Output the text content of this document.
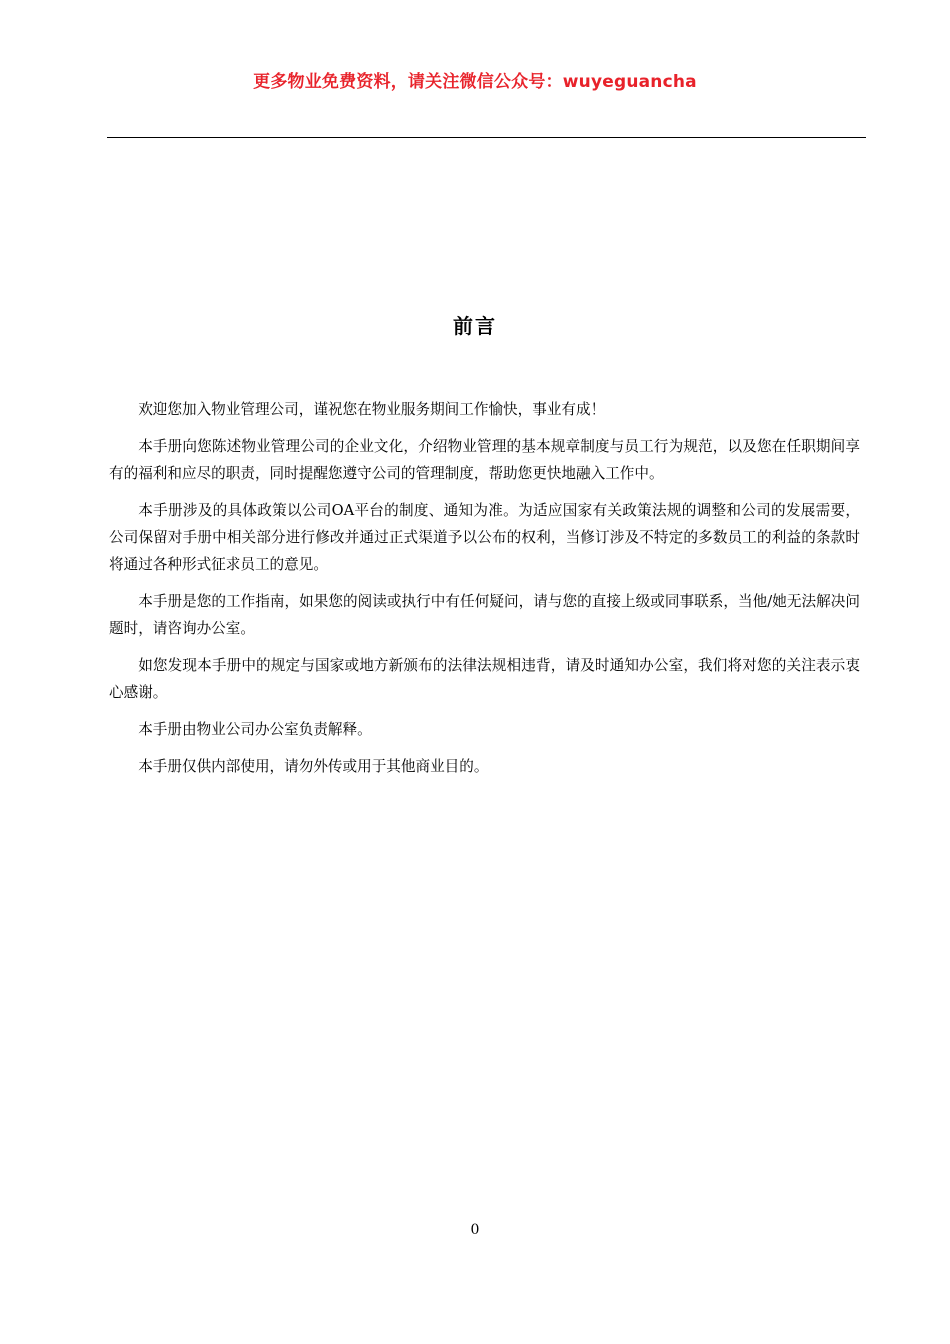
更多物业免费资料，请关注微信公众号：wuyeguancha
前言

欢迎您加入物业管理公司，谨祝您在物业服务期间工作愉快，事业有成！

本手册向您陈述物业管理公司的企业文化，介绍物业管理的基本规章制度与员工行为规范，以及您在任职期间享有的福利和应尽的职责，同时提醒您遵守公司的管理制度，帮助您更快地融入工作中。

本手册涉及的具体政策以公司OA平台的制度、通知为准。为适应国家有关政策法规的调整和公司的发展需要，公司保留对手册中相关部分进行修改并通过正式渠道予以公布的权利，当修订涉及不特定的多数员工的利益的条款时将通过各种形式征求员工的意见。

本手册是您的工作指南，如果您的阅读或执行中有任何疑问，请与您的直接上级或同事联系，当他/她无法解决问题时，请咨询办公室。

如您发现本手册中的规定与国家或地方新颁布的法律法规相违背，请及时通知办公室，我们将对您的关注表示衷心感谢。

本手册由物业公司办公室负责解释。

本手册仅供内部使用，请勿外传或用于其他商业目的。

0
